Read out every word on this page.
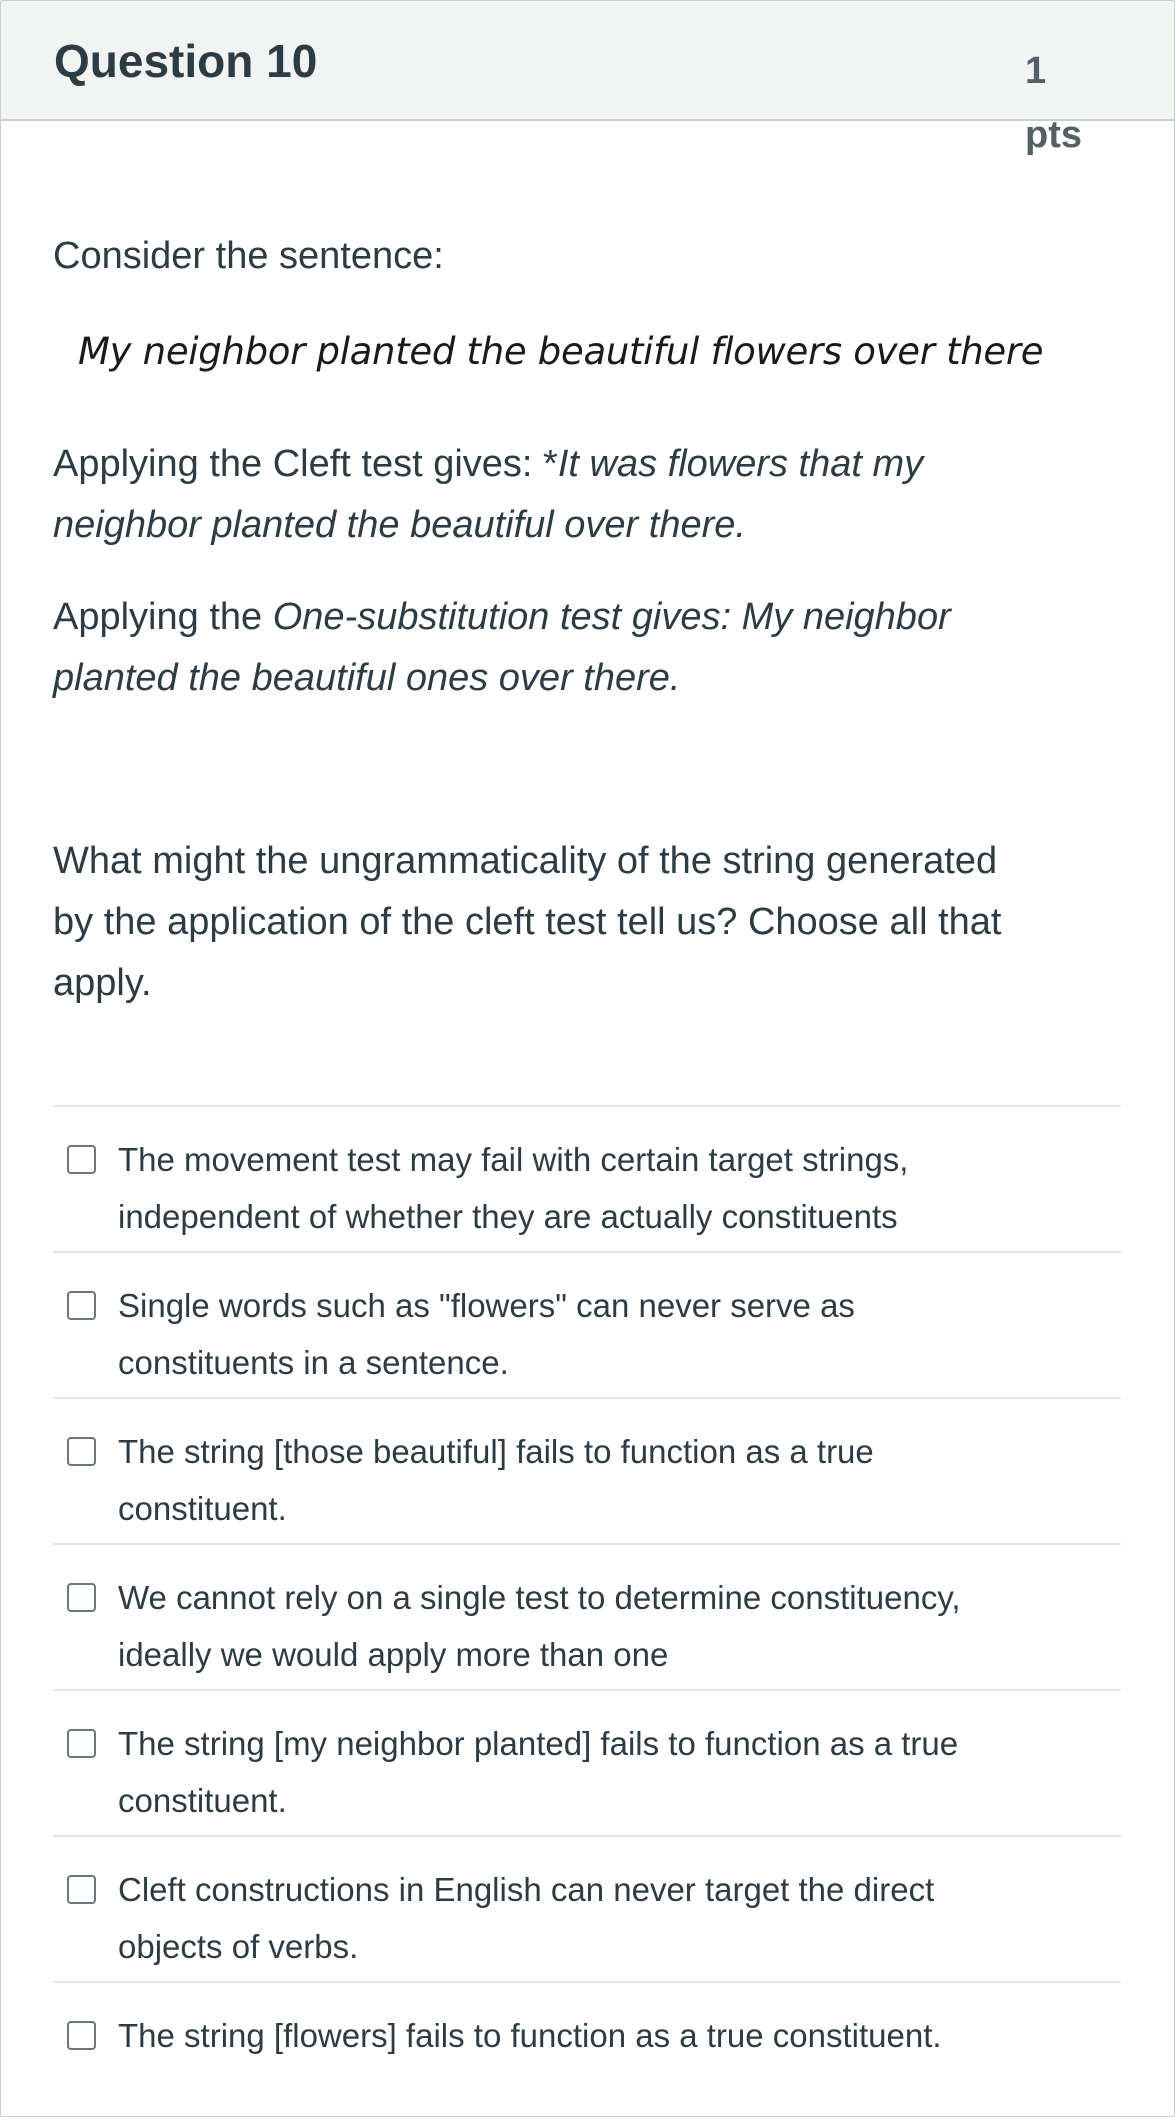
Question 10	1
pts
Consider the sentence:
My neighbor planted the beautiful flowers over there
Applying the Cleft test gives: *It was flowers that my
neighbor planted the beautiful over there.
Applying the One-substitution test gives: My neighbor
planted the beautiful ones over there.
What might the ungrammaticality of the string generated
by the application of the cleft test tell us? Choose all that
apply.
The movement test may fail with certain target strings,
independent of whether they are actually constituents
Single words such as "flowers" can never serve as
constituents in a sentence.
The string [those beautiful] fails to function as a true
constituent.
We cannot rely on a single test to determine constituency,
ideally we would apply more than one
The string [my neighbor planted] fails to function as a true
constituent.
Cleft constructions in English can never target the direct
objects of verbs.
The string [flowers] fails to function as a true constituent.
